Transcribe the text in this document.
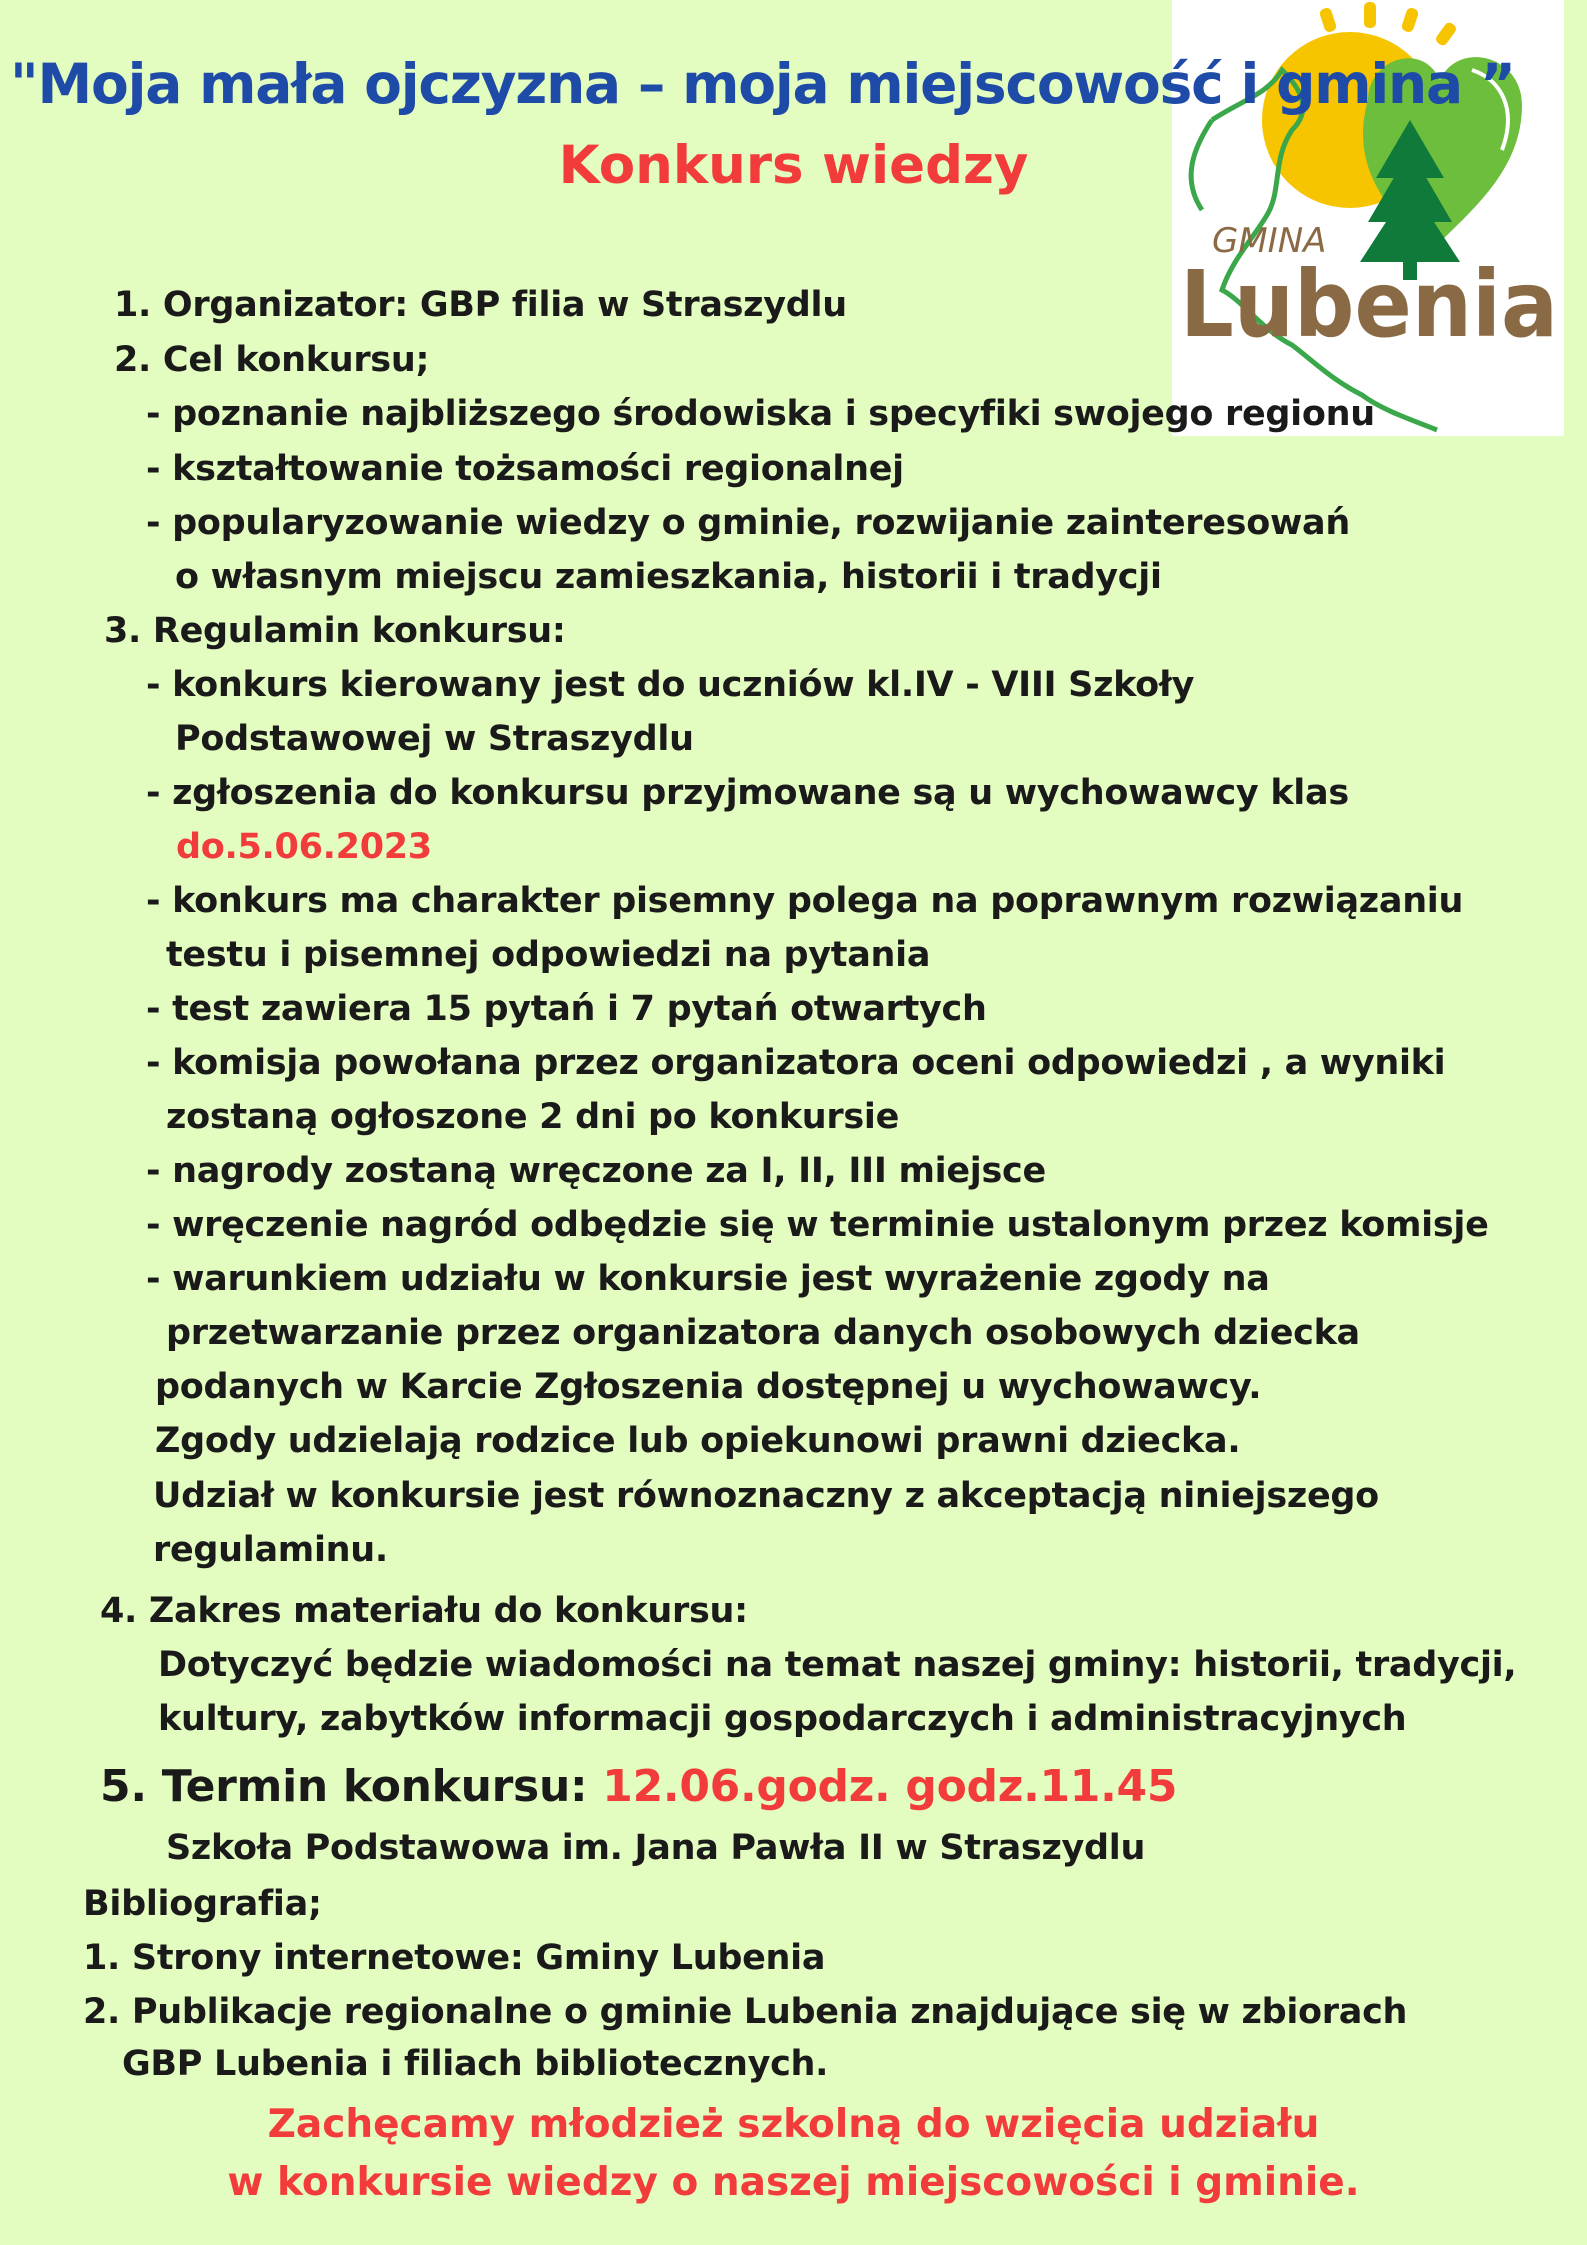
GMINA
Lubenia
"Moja mała ojczyzna – moja miejscowość i gmina ”
Konkurs wiedzy
1. Organizator: GBP filia w Straszydlu
2. Cel konkursu;
- poznanie najbliższego środowiska i specyfiki swojego regionu
- kształtowanie tożsamości regionalnej
- popularyzowanie wiedzy o gminie, rozwijanie zainteresowań
o własnym miejscu zamieszkania, historii i tradycji
3. Regulamin konkursu:
- konkurs kierowany jest do uczniów kl.IV - VIII Szkoły
Podstawowej w Straszydlu
- zgłoszenia do konkursu przyjmowane są u wychowawcy klas
do.5.06.2023
- konkurs ma charakter pisemny polega na poprawnym rozwiązaniu
testu i pisemnej odpowiedzi na pytania
- test zawiera 15 pytań i 7 pytań otwartych
- komisja powołana przez organizatora oceni odpowiedzi , a wyniki
zostaną ogłoszone 2 dni po konkursie
- nagrody zostaną wręczone za I, II, III miejsce
- wręczenie nagród odbędzie się w terminie ustalonym przez komisje
- warunkiem udziału w konkursie jest wyrażenie zgody na
przetwarzanie przez organizatora danych osobowych dziecka
podanych w Karcie Zgłoszenia dostępnej u wychowawcy.
Zgody udzielają rodzice lub opiekunowi prawni dziecka.
Udział w konkursie jest równoznaczny z akceptacją niniejszego
regulaminu.
4. Zakres materiału do konkursu:
Dotyczyć będzie wiadomości na temat naszej gminy: historii, tradycji,
kultury, zabytków informacji gospodarczych i administracyjnych
5. Termin konkursu: 12.06.godz. godz.11.45
Szkoła Podstawowa im. Jana Pawła II w Straszydlu
Bibliografia;
1. Strony internetowe: Gminy Lubenia
2. Publikacje regionalne o gminie Lubenia znajdujące się w zbiorach
GBP Lubenia i filiach bibliotecznych.
Zachęcamy młodzież szkolną do wzięcia udziału
w konkursie wiedzy o naszej miejscowości i gminie.
